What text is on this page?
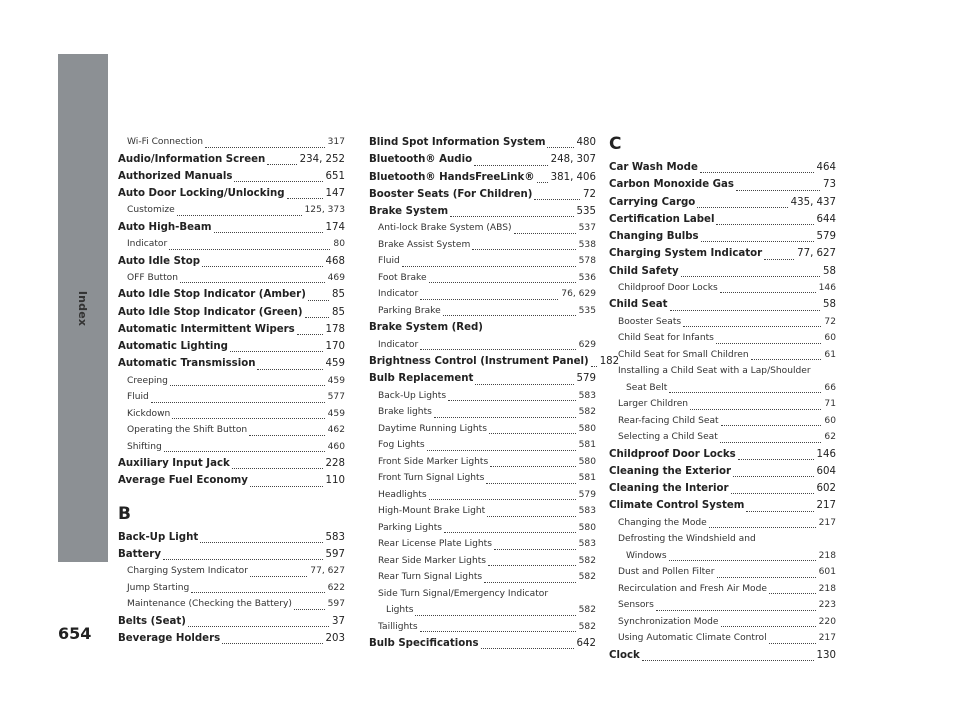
Index
654
Wi-Fi Connection	317
Audio/Information Screen	234, 252
Authorized Manuals	651
Auto Door Locking/Unlocking	147
Customize	125, 373
Auto High-Beam	174
Indicator	80
Auto Idle Stop	468
OFF Button	469
Auto Idle Stop Indicator (Amber)	85
Auto Idle Stop Indicator (Green)	85
Automatic Intermittent Wipers	178
Automatic Lighting	170
Automatic Transmission	459
Creeping	459
Fluid	577
Kickdown	459
Operating the Shift Button	462
Shifting	460
Auxiliary Input Jack	228
Average Fuel Economy	110
B
Back-Up Light	583
Battery	597
Charging System Indicator	77, 627
Jump Starting	622
Maintenance (Checking the Battery)	597
Belts (Seat)	37
Beverage Holders	203
Blind Spot Information System	480
Bluetooth® Audio	248, 307
Bluetooth® HandsFreeLink® 381, 406
Booster Seats (For Children)	72
Brake System	535
Anti-lock Brake System (ABS)	537
Brake Assist System	538
Fluid	578
Foot Brake	536
Indicator	76, 629
Parking Brake	535
Brake System (Red)
Indicator	629
Brightness Control (Instrument Panel) 182
Bulb Replacement	579
Back-Up Lights	583
Brake lights	582
Daytime Running Lights	580
Fog Lights	581
Front Side Marker Lights	580
Front Turn Signal Lights	581
Headlights	579
High-Mount Brake Light	583
Parking Lights	580
Rear License Plate Lights	583
Rear Side Marker Lights	582
Rear Turn Signal Lights	582
Side Turn Signal/Emergency Indicator
Lights	582
Taillights	582
Bulb Specifications	642
C
Car Wash Mode	464
Carbon Monoxide Gas	73
Carrying Cargo	435, 437
Certification Label	644
Changing Bulbs	579
Charging System Indicator	77, 627
Child Safety	58
Childproof Door Locks	146
Child Seat	58
Booster Seats	72
Child Seat for Infants	60
Child Seat for Small Children	61
Installing a Child Seat with a Lap/Shoulder
Seat Belt	66
Larger Children	71
Rear-facing Child Seat	60
Selecting a Child Seat	62
Childproof Door Locks	146
Cleaning the Exterior	604
Cleaning the Interior	602
Climate Control System	217
Changing the Mode	217
Defrosting the Windshield and
Windows	218
Dust and Pollen Filter	601
Recirculation and Fresh Air Mode	218
Sensors	223
Synchronization Mode	220
Using Automatic Climate Control	217
Clock	130
